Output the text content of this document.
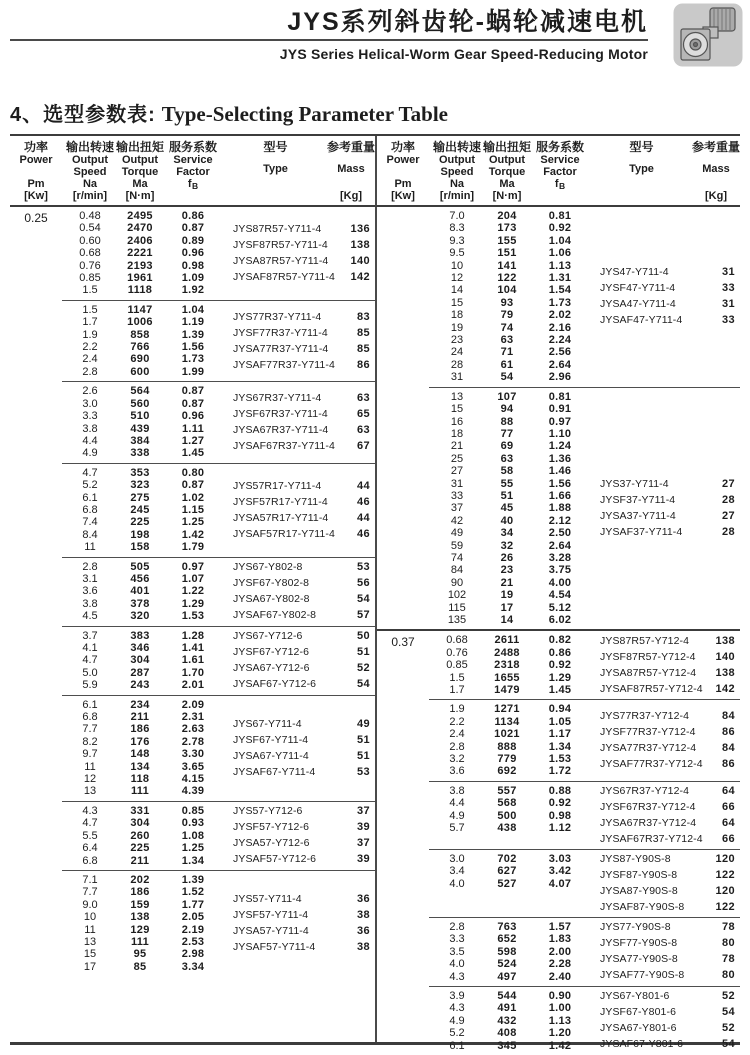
JYS系列斜齿轮-蜗轮减速电机
JYS Series Helical-Worm Gear Speed-Reducing Motor
4、选型参数表: Type-Selecting Parameter Table
功率
Power
Pm
[Kw]
输出转速
Output
Speed
Na
[r/min]
输出扭矩
Output
Torque
Ma
[N·m]
服务系数
Service
Factor
fB
型号
Type
参考重量
Mass
[Kg]
功率
Power
Pm
[Kw]
输出转速
Output
Speed
Na
[r/min]
输出扭矩
Output
Torque
Ma
[N·m]
服务系数
Service
Factor
fB
型号
Type
参考重量
Mass
[Kg]
0.25	0.48	2495	0.86
0.54	2470	0.87
0.60	2406	0.89
0.68	2221	0.96
0.76	2193	0.98
0.85	1961	1.09
1.5	1118	1.92
JYS87R57-Y711-4	136
JYSF87R57-Y711-4 138
JYSA87R57-Y711-4 140
JYSAF87R57-Y711-4 142
1.5	1147	1.04
1.7	1006	1.19
1.9	858	1.39
2.2	766	1.56
2.4	690	1.73
2.8	600	1.99
JYS77R37-Y711-4	83
JYSF77R37-Y711-4	85
JYSA77R37-Y711-4	85
JYSAF77R37-Y711-4 86
2.6	564	0.87
3.0	560	0.87
3.3	510	0.96
3.8	439	1.11
4.4	384	1.27
4.9	338	1.45
JYS67R37-Y711-4	63
JYSF67R37-Y711-4	65
JYSA67R37-Y711-4	63
JYSAF67R37-Y711-4 67
4.7	353	0.80
5.2	323	0.87
6.1	275	1.02
6.8	245	1.15
7.4	225	1.25
8.4	198	1.42
11	158	1.79
JYS57R17-Y711-4	44
JYSF57R17-Y711-4	46
JYSA57R17-Y711-4	44
JYSAF57R17-Y711-4 46
2.8	505	0.97
3.1	456	1.07
3.6	401	1.22
3.8	378	1.29
4.5	320	1.53
JYS67-Y802-8	53
JYSF67-Y802-8	56
JYSA67-Y802-8	54
JYSAF67-Y802-8	57
3.7	383	1.28
4.1	346	1.41
4.7	304	1.61
5.0	287	1.70
5.9	243	2.01
JYS67-Y712-6	50
JYSF67-Y712-6	51
JYSA67-Y712-6	52
JYSAF67-Y712-6	54
6.1	234	2.09
6.8	211	2.31
7.7	186	2.63
8.2	176	2.78
9.7	148	3.30
11	134	3.65
12	118	4.15
13	111	4.39
JYS67-Y711-4	49
JYSF67-Y711-4	51
JYSA67-Y711-4	51
JYSAF67-Y711-4	53
4.3	331	0.85
4.7	304	0.93
5.5	260	1.08
6.4	225	1.25
6.8	211	1.34
JYS57-Y712-6	37
JYSF57-Y712-6	39
JYSA57-Y712-6	37
JYSAF57-Y712-6	39
7.1	202	1.39
7.7	186	1.52
9.0	159	1.77
10	138	2.05
11	129	2.19
13	111	2.53
15	95	2.98
17	85	3.34
JYS57-Y711-4	36
JYSF57-Y711-4	38
JYSA57-Y711-4	36
JYSAF57-Y711-4	38
7.0	204	0.81
8.3	173	0.92
9.3	155	1.04
9.5	151	1.06
10	141	1.13
12	122	1.31
14	104	1.54
15	93	1.73
18	79	2.02
19	74	2.16
23	63	2.24
24	71	2.56
28	61	2.64
31	54	2.96
JYS47-Y711-4	31
JYSF47-Y711-4	33
JYSA47-Y711-4	31
JYSAF47-Y711-4	33
13	107	0.81
15	94	0.91
16	88	0.97
18	77	1.10
21	69	1.24
25	63	1.36
27	58	1.46
31	55	1.56
33	51	1.66
37	45	1.88
42	40	2.12
49	34	2.50
59	32	2.64
74	26	3.28
84	23	3.75
90	21	4.00
102	19	4.54
115	17	5.12
135	14	6.02
JYS37-Y711-4	27
JYSF37-Y711-4	28
JYSA37-Y711-4	27
JYSAF37-Y711-4	28
0.37	0.68	2611	0.82
0.76	2488	0.86
0.85	2318	0.92
1.5	1655	1.29
1.7	1479	1.45
JYS87R57-Y712-4 138
JYSF87R57-Y712-4 140
JYSA87R57-Y712-4 138
JYSAF87R57-Y712-4 142
1.9	1271	0.94
2.2	1134	1.05
2.4	1021	1.17
2.8	888	1.34
3.2	779	1.53
3.6	692	1.72
JYS77R37-Y712-4	84
JYSF77R37-Y712-4 86
JYSA77R37-Y712-4 84
JYSAF77R37-Y712-4 86
3.8	557	0.88
4.4	568	0.92
4.9	500	0.98
5.7	438	1.12
JYS67R37-Y712-4	64
JYSF67R37-Y712-4 66
JYSA67R37-Y712-4 64
JYSAF67R37-Y712-4 66
3.0	702	3.03
3.4	627	3.42
4.0	527	4.07
JYS87-Y90S-8	120
JYSF87-Y90S-8	122
JYSA87-Y90S-8	120
JYSAF87-Y90S-8	122
2.8	763	1.57
3.3	652	1.83
3.5	598	2.00
4.0	524	2.28
4.3	497	2.40
JYS77-Y90S-8	78
JYSF77-Y90S-8	80
JYSA77-Y90S-8	78
JYSAF77-Y90S-8	80
3.9	544	0.90
4.3	491	1.00
4.9	432	1.13
5.2	408	1.20
6.1	345	1.42
JYS67-Y801-6	52
JYSF67-Y801-6	54
JYSA67-Y801-6	52
JYSAF67-Y801-6	54
